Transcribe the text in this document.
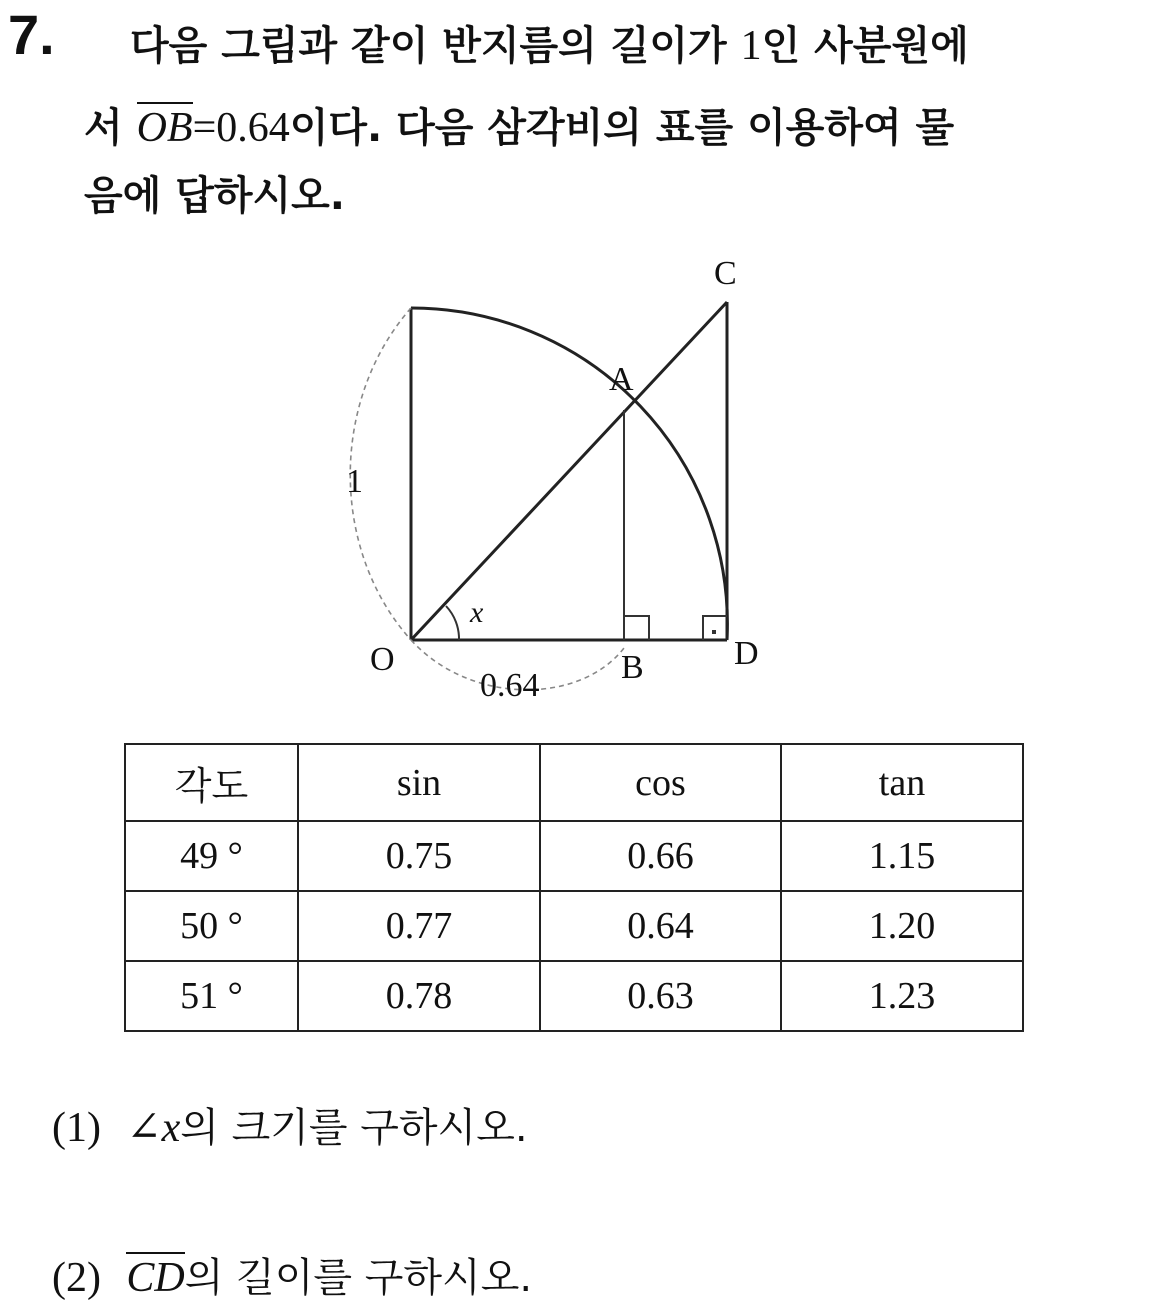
7. 다음 그림과 같이 반지름의 길이가 1인 사분원에
서 OB=0.64이다. 다음 삼각비의 표를 이용하여 물
음에 답하시오.
C
A
O	B	D
x
1
0.64
각도	sin	cos	tan
49 °	0.75	0.66	1.15
50 °	0.77	0.64	1.20
51 °	0.78	0.63	1.23
(1) ∠x의 크기를 구하시오.
(2) CD의 길이를 구하시오.
